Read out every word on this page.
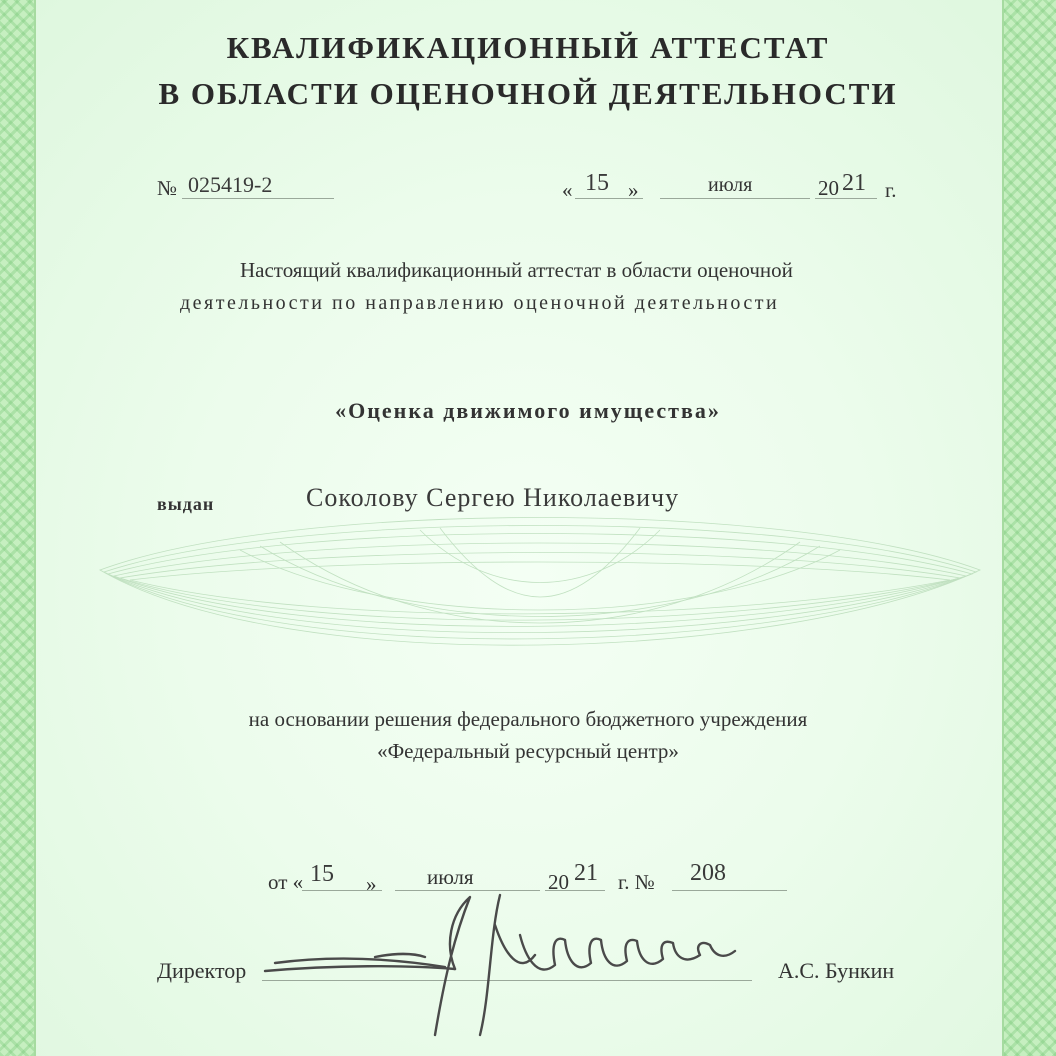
КВАЛИФИКАЦИОННЫЙ АТТЕСТАТ
В ОБЛАСТИ ОЦЕНОЧНОЙ ДЕЯТЕЛЬНОСТИ
№ 025419-2	« 15 »	июля	20 21 г.
Настоящий квалификационный аттестат в области оценочной
деятельности по направлению оценочной деятельности
«Оценка движимого имущества»
выдан	Соколову Сергею Николаевичу
на основании решения федерального бюджетного учреждения
«Федеральный ресурсный центр»
от « 15 » июля	20 21 г. № 208
Директор	А.С. Бункин
